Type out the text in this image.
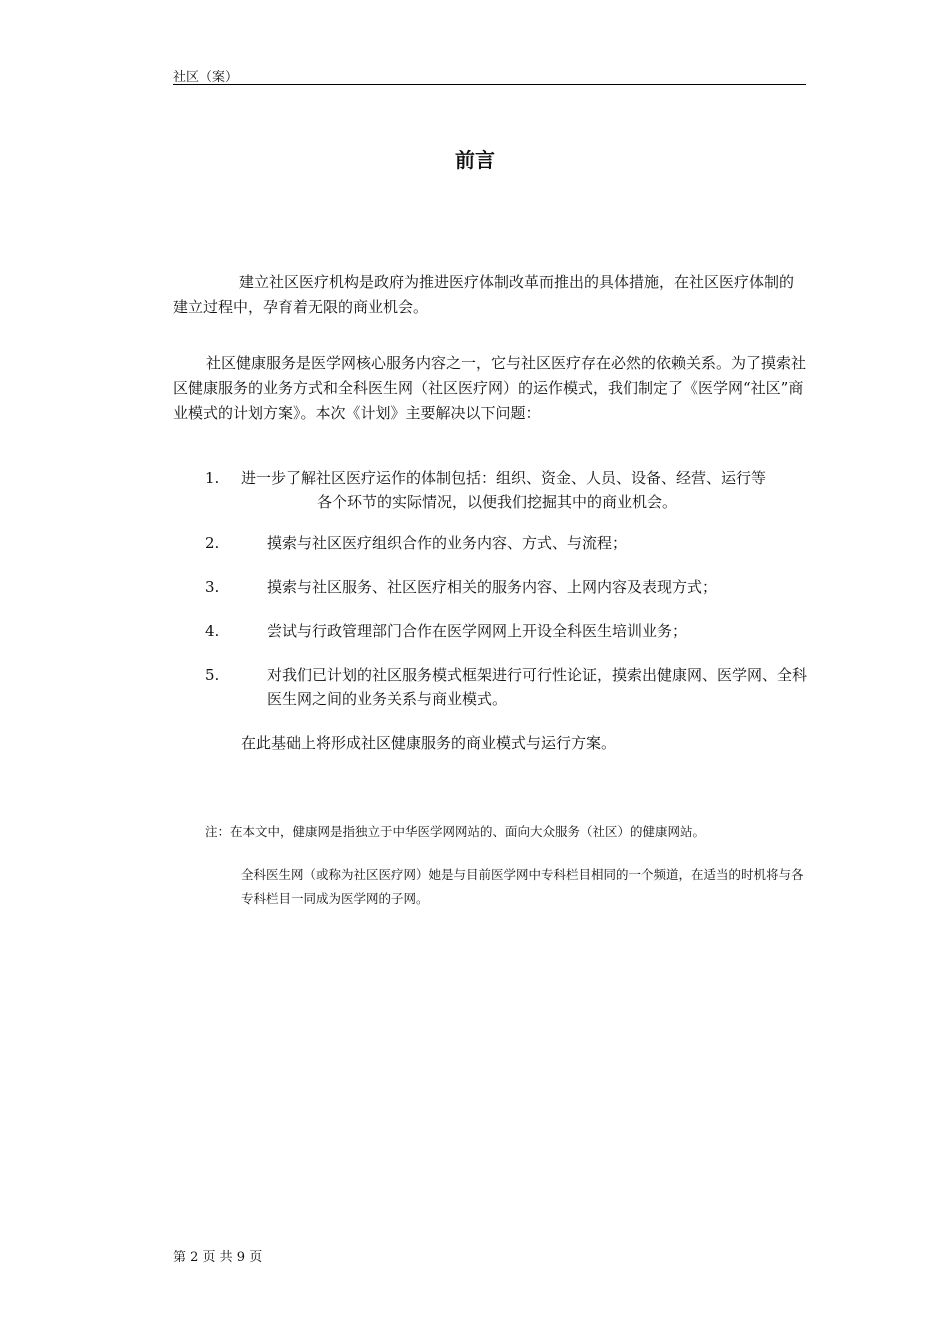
社区（案）
前言

建立社区医疗机构是政府为推进医疗体制改革而推出的具体措施，在社区医疗体制的建立过程中，孕育着无限的商业机会。

社区健康服务是医学网核心服务内容之一，它与社区医疗存在必然的依赖关系。为了摸索社区健康服务的业务方式和全科医生网（社区医疗网）的运作模式，我们制定了《医学网“社区”商业模式的计划方案》。本次《计划》主要解决以下问题：

1. 进一步了解社区医疗运作的体制包括：组织、资金、人员、设备、经营、运行等
各个环节的实际情况，以便我们挖掘其中的商业机会。
2.	摸索与社区医疗组织合作的业务内容、方式、与流程；
3.	摸索与社区服务、社区医疗相关的服务内容、上网内容及表现方式；
4.	尝试与行政管理部门合作在医学网网上开设全科医生培训业务；
5.	对我们已计划的社区服务模式框架进行可行性论证，摸索出健康网、医学网、全科医生网之间的业务关系与商业模式。
在此基础上将形成社区健康服务的商业模式与运行方案。
注：在本文中，健康网是指独立于中华医学网网站的、面向大众服务（社区）的健康网站。
全科医生网（或称为社区医疗网）她是与目前医学网中专科栏目相同的一个频道，在适当的时机将与各专科栏目一同成为医学网的子网。
第 2 页 共 9 页
